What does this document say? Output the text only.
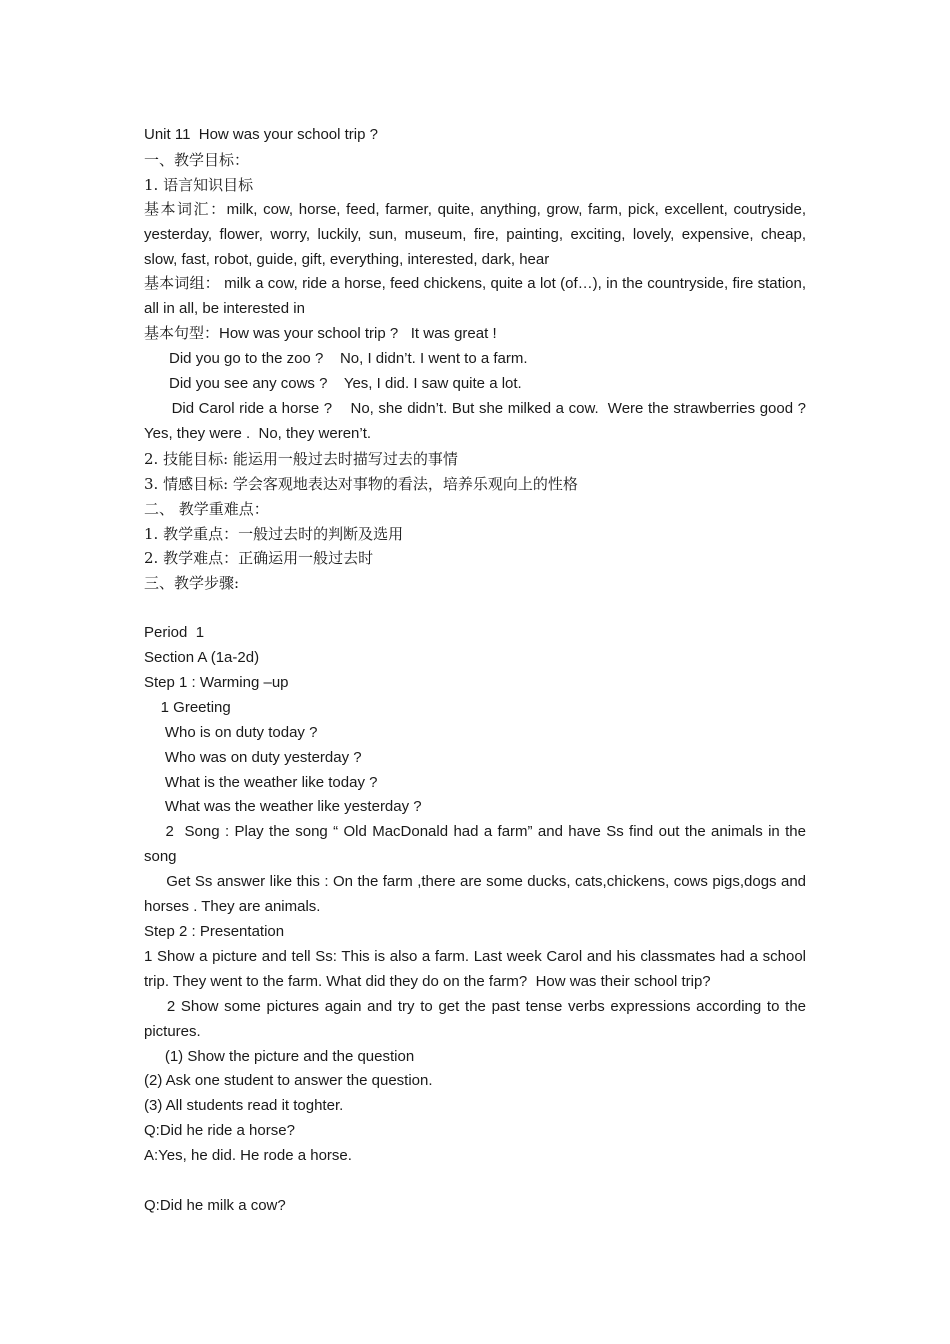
Unit 11  How was your school trip ?

一、教学目标：

1. 语言知识目标

基本词汇：milk, cow, horse, feed, farmer, quite, anything, grow, farm, pick, excellent, coutryside, yesterday, flower, worry, luckily, sun, museum, fire, painting, exciting, lovely, expensive, cheap, slow, fast, robot, guide, gift, everything, interested, dark, hear

基本词组： milk a cow, ride a horse, feed chickens, quite a lot (of…), in the countryside, fire station, all in all, be interested in

基本句型：How was your school trip ?   It was great !

Did you go to the zoo ?    No, I didn’t. I went to a farm.

Did you see any cows ?    Yes, I did. I saw quite a lot.

Did Carol ride a horse ?    No, she didn’t. But she milked a cow.  Were the strawberries good ? Yes, they were .  No, they weren’t.

2. 技能目标: 能运用一般过去时描写过去的事情

3. 情感目标: 学会客观地表达对事物的看法，培养乐观向上的性格

二、 教学重难点：

1. 教学重点：一般过去时的判断及选用

2. 教学难点：正确运用一般过去时

三、教学步骤:

Period  1

Section A (1a-2d)

Step 1 : Warming –up

1 Greeting

Who is on duty today ?

Who was on duty yesterday ?

What is the weather like today ?

What was the weather like yesterday ?

2  Song : Play the song “ Old MacDonald had a farm” and have Ss find out the animals in the song

Get Ss answer like this : On the farm ,there are some ducks, cats,chickens, cows pigs,dogs and horses . They are animals.

Step 2 : Presentation

1 Show a picture and tell Ss: This is also a farm. Last week Carol and his classmates had a school trip. They went to the farm. What did they do on the farm?  How was their school trip?

2 Show some pictures again and try to get the past tense verbs expressions according to the pictures.

(1) Show the picture and the question

(2) Ask one student to answer the question.

(3) All students read it toghter.

Q:Did he ride a horse?

A:Yes, he did. He rode a horse.

Q:Did he milk a cow?
